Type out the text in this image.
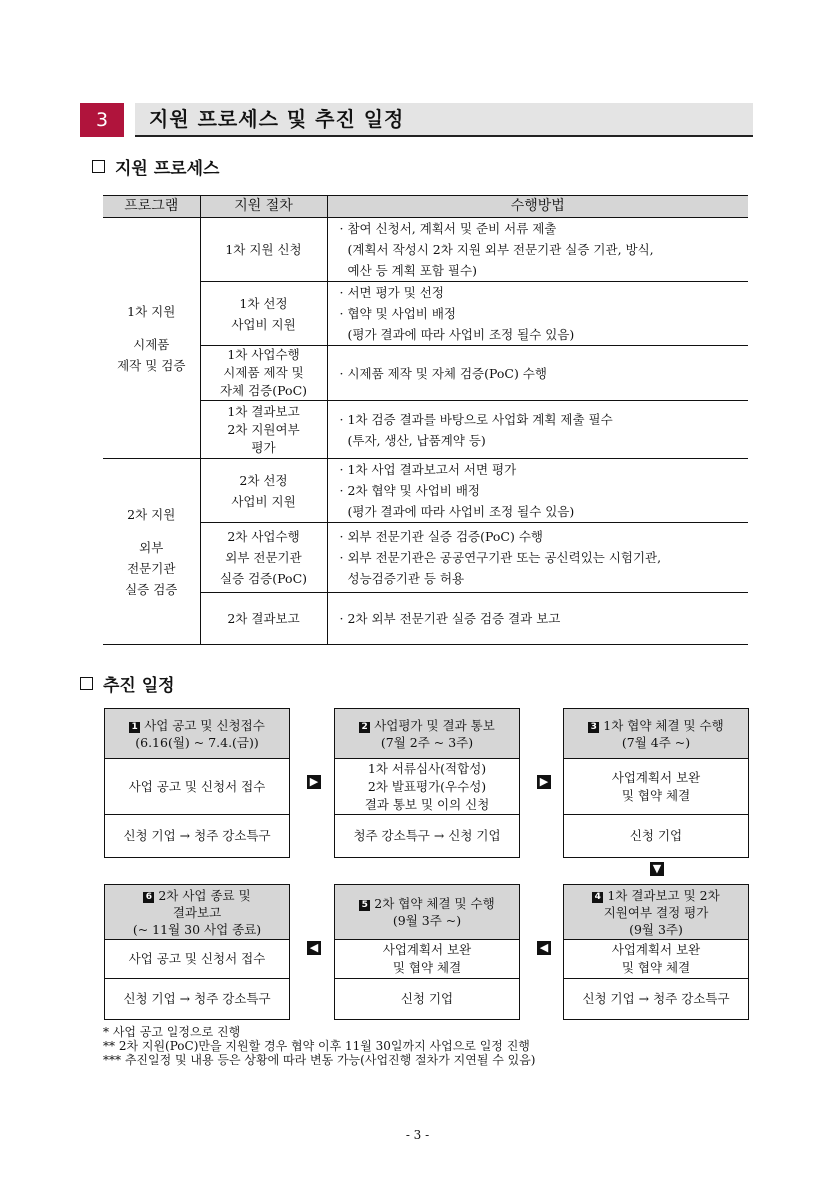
3	지원 프로세스 및 추진 일정
지원 프로세스
프로그램	지원 절차	수행방법

1차 지원
시제품
제작 및 검증	1차 지원 신청	· 참여 신청서, 계획서 및 준비 서류 제출
(계획서 작성시 2차 지원 외부 전문기관 실증 기관, 방식,
예산 등 계획 포함 필수)

	1차 선정
사업비 지원	· 서면 평가 및 선정
· 협약 및 사업비 배정
(평가 결과에 따라 사업비 조정 될수 있음)

	1차 사업수행
시제품 제작 및
자체 검증(PoC)	· 시제품 제작 및 자체 검증(PoC) 수행

	1차 결과보고
2차 지원여부
평가	· 1차 검증 결과를 바탕으로 사업화 계획 제출 필수
(투자, 생산, 납품계약 등)

2차 지원
외부
전문기관
실증 검증	2차 선정
사업비 지원	· 1차 사업 결과보고서 서면 평가
· 2차 협약 및 사업비 배정
(평가 결과에 따라 사업비 조정 될수 있음)

	2차 사업수행
외부 전문기관
실증 검증(PoC)	· 외부 전문기관 실증 검증(PoC) 수행
· 외부 전문기관은 공공연구기관 또는 공신력있는 시험기관,
성능검증기관 등 허용

	2차 결과보고	· 2차 외부 전문기관 실증 검증 결과 보고
추진 일정
1 사업 공고 및 신청접수
(6.16(월) ~ 7.4.(금))
사업 공고 및 신청서 접수
신청 기업 → 청주 강소특구
2 사업평가 및 결과 통보
(7월 2주 ~ 3주)
1차 서류심사(적합성)
2차 발표평가(우수성)
결과 통보 및 이의 신청
청주 강소특구 → 신청 기업
3 1차 협약 체결 및 수행
(7월 4주 ~)
사업계획서 보완
및 협약 체결
신청 기업
4 1차 결과보고 및 2차
지원여부 결정 평가
(9월 3주)
사업계획서 보완
및 협약 체결
신청 기업 → 청주 강소특구
5 2차 협약 체결 및 수행
(9월 3주 ~)
사업계획서 보완
및 협약 체결
신청 기업
6 2차 사업 종료 및
결과보고
(~ 11월 30 사업 종료)
사업 공고 및 신청서 접수
신청 기업 → 청주 강소특구
▶	▶
▼
◀
◀
* 사업 공고 일정으로 진행
** 2차 지원(PoC)만을 지원할 경우 협약 이후 11월 30일까지 사업으로 일정 진행
*** 추진일정 및 내용 등은 상황에 따라 변동 가능(사업진행 절차가 지연될 수 있음)
- 3 -
